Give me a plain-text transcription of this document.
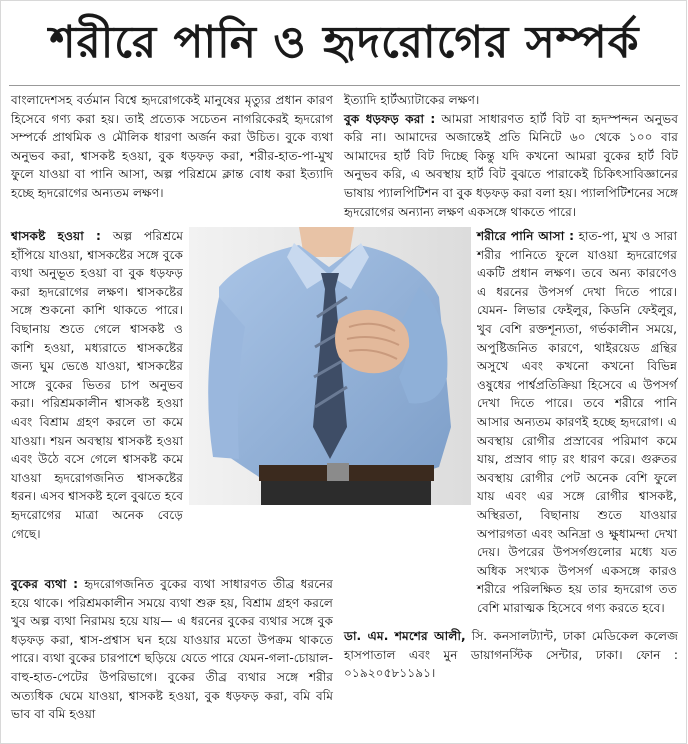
শরীরে পানি ও হৃদরোগের সম্পর্ক

বাংলাদেশসহ বর্তমান বিশ্বে হৃদরোগকেই মানুষের মৃত্যুর প্রধান কারণ হিসেবে গণ্য করা হয়। তাই প্রত্যেক সচেতন নাগরিকেরই হৃদরোগ সম্পর্কে প্রাথমিক ও মৌলিক ধারণা অর্জন করা উচিত। বুকে ব্যথা অনুভব করা, শ্বাসকষ্ট হওয়া, বুক ধড়ফড় করা, শরীর-হাত-পা-মুখ ফুলে যাওয়া বা পানি আসা, অল্প পরিশ্রমে ক্লান্ত বোধ করা ইত্যাদি হচ্ছে হৃদরোগের অন্যতম লক্ষণ।

শ্বাসকষ্ট হওয়া : অল্প পরিশ্রমে হাঁপিয়ে যাওয়া, শ্বাসকষ্টের সঙ্গে বুকে ব্যথা অনুভূত হওয়া বা বুক ধড়ফড় করা হৃদরোগের লক্ষণ। শ্বাসকষ্টের সঙ্গে শুকনো কাশি থাকতে পারে। বিছানায় শুতে গেলে শ্বাসকষ্ট ও কাশি হওয়া, মধ্যরাতে শ্বাসকষ্টের জন্য ঘুম ভেঙে যাওয়া, শ্বাসকষ্টের সাঙ্গে বুকের ভিতর চাপ অনুভব করা। পরিশ্রমকালীন শ্বাসকষ্ট হওয়া এবং বিশ্রাম গ্রহণ করলে তা কমে যাওয়া। শয়ন অবস্থায় শ্বাসকষ্ট হওয়া এবং উঠে বসে গেলে শ্বাসকষ্ট কমে যাওয়া হৃদরোগজনিত শ্বাসকষ্টের ধরন। এসব শ্বাসকষ্ট হলে বুঝতে হবে হৃদরোগের মাত্রা অনেক বেড়ে গেছে।

বুকের ব্যথা : হৃদরোগজনিত বুকের ব্যথা সাধারণত তীব্র ধরনের হয়ে থাকে। পরিশ্রমকালীন সময়ে ব্যথা শুরু হয়, বিশ্রাম গ্রহণ করলে খুব অল্প ব্যথা নিরাময় হয়ে যায়— এ ধরনের বুকের ব্যথার সঙ্গে বুক ধড়ফড় করা, শ্বাস-প্রশ্বাস ঘন হয়ে যাওয়ার মতো উপক্রম থাকতে পারে। ব্যথা বুকের চারপাশে ছড়িয়ে যেতে পারে যেমন-গলা-চোয়াল-বাহু-হাত-পেটের উপরিভাগে। বুকের তীব্র ব্যথার সঙ্গে শরীর অত্যধিক ঘেমে যাওয়া, শ্বাসকষ্ট হওয়া, বুক ধড়ফড় করা, বমি বমি ভাব বা বমি হওয়া

ইত্যাদি হার্টঅ্যাটাকের লক্ষণ।

বুক ধড়ফড় করা : আমরা সাধারণত হার্ট বিট বা হৃদস্পন্দন অনুভব করি না। আমাদের অজান্তেই প্রতি মিনিটে ৬০ থেকে ১০০ বার আমাদের হার্ট বিট দিচ্ছে কিন্তু যদি কখনো আমরা বুকের হার্ট বিট অনুভব করি, এ অবস্থায় হার্ট বিট বুঝতে পারাকেই চিকিৎসাবিজ্ঞানের ভাষায় প্যালপিটিশন বা বুক ধড়ফড় করা বলা হয়। প্যালপিটিশনের সঙ্গে হৃদরোগের অন্যান্য লক্ষণ একসঙ্গে থাকতে পারে।

শরীরে পানি আসা : হাত-পা, মুখ ও সারা শরীর পানিতে ফুলে যাওয়া হৃদরোগের একটি প্রধান লক্ষণ। তবে অন্য কারণেও এ ধরনের উপসর্গ দেখা দিতে পারে। যেমন- লিভার ফেইলুর, কিডনি ফেইলুর, খুব বেশি রক্তশূন্যতা, গর্ভকালীন সময়ে, অপুষ্টিজনিত কারণে, থাইরয়েড গ্রন্থির অসুখে এবং কখনো কখনো বিভিন্ন ওষুধের পার্শ্বপ্রতিক্রিয়া হিসেবে এ উপসর্গ দেখা দিতে পারে। তবে শরীরে পানি আসার অন্যতম কারণই হচ্ছে হৃদরোগ। এ অবস্থায় রোগীর প্রস্রাবের পরিমাণ কমে যায়, প্রস্রাব গাঢ় রং ধারণ করে। গুরুতর অবস্থায় রোগীর পেট অনেক বেশি ফুলে যায় এবং এর সঙ্গে রোগীর শ্বাসকষ্ট, অস্থিরতা, বিছানায় শুতে যাওয়ার অপারগতা এবং অনিদ্রা ও ক্ষুধামন্দা দেখা দেয়। উপরের উপসর্গগুলোর মধ্যে যত অধিক সংখ্যক উপসর্গ একসঙ্গে কারও শরীরে পরিলক্ষিত হয় তার হৃদরোগ তত বেশি মারাত্মক হিসেবে গণ্য করতে হবে।

ডা. এম. শমশের আলী, সি. কনসালট্যান্ট, ঢাকা মেডিকেল কলেজ হাসপাতাল এবং মুন ডায়াগনস্টিক সেন্টার, ঢাকা। ফোন : ০১৯২০৫৮১১৯১।
